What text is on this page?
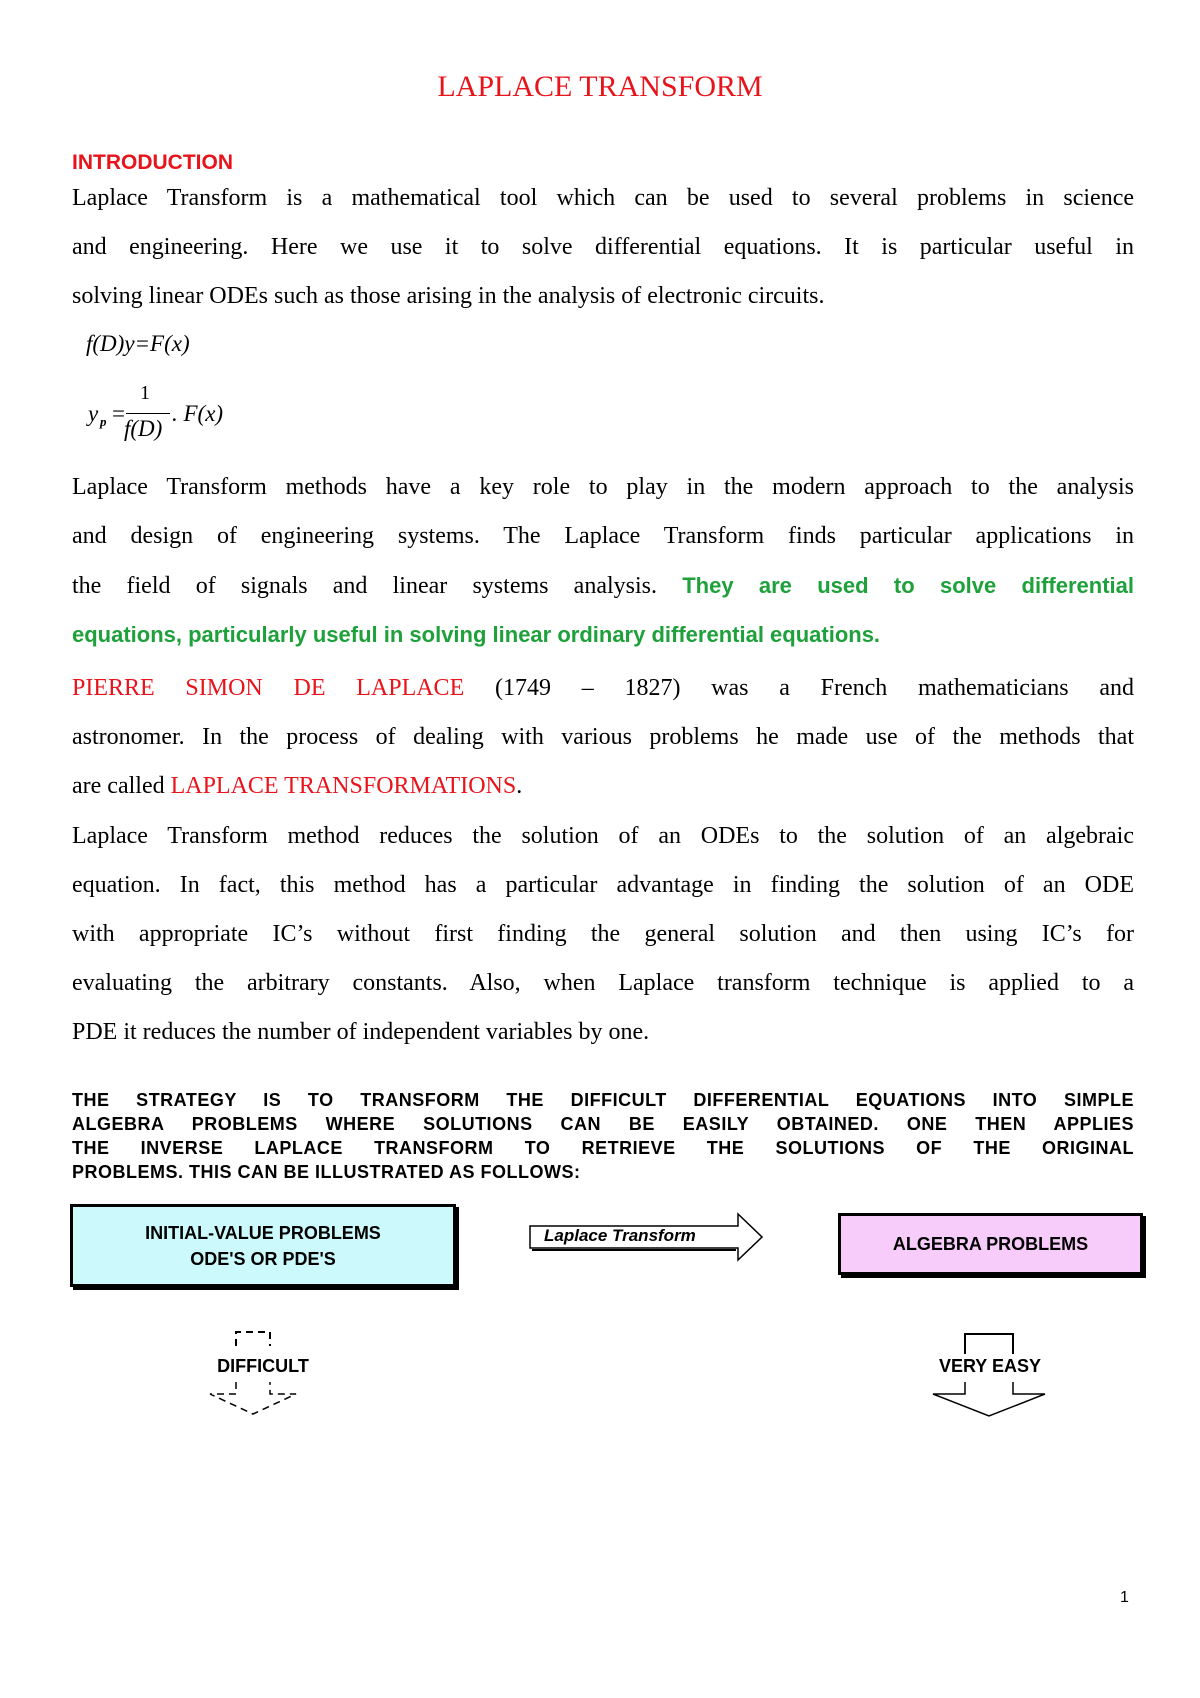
LAPLACE TRANSFORM
INTRODUCTION
Laplace Transform is a mathematical tool which can be used to several problems in science
and engineering. Here we use it to solve differential equations. It is particular useful in
solving linear ODEs such as those arising in the analysis of electronic circuits.
f(D)y=F(x)
y p =
1
f(D)
. F(x)
Laplace Transform methods have a key role to play in the modern approach to the analysis
and design of engineering systems. The Laplace Transform finds particular applications in
the field of signals and linear systems analysis. They are used to solve differential
equations, particularly useful in solving linear ordinary differential equations.
PIERRE SIMON DE LAPLACE (1749 – 1827) was a French mathematicians and
astronomer. In the process of dealing with various problems he made use of the methods that
are called LAPLACE TRANSFORMATIONS.
Laplace Transform method reduces the solution of an ODEs to the solution of an algebraic
equation. In fact, this method has a particular advantage in finding the solution of an ODE
with appropriate IC’s without first finding the general solution and then using IC’s for
evaluating the arbitrary constants. Also, when Laplace transform technique is applied to a
PDE it reduces the number of independent variables by one.
THE STRATEGY IS TO TRANSFORM THE DIFFICULT DIFFERENTIAL EQUATIONS INTO SIMPLE
ALGEBRA PROBLEMS WHERE SOLUTIONS CAN BE EASILY OBTAINED. ONE THEN APPLIES
THE INVERSE LAPLACE TRANSFORM TO RETRIEVE THE SOLUTIONS OF THE ORIGINAL
PROBLEMS. THIS CAN BE ILLUSTRATED AS FOLLOWS:
INITIAL-VALUE PROBLEMS
ODE'S OR PDE'S
Laplace Transform	ALGEBRA PROBLEMS
DIFFICULT	VERY EASY
1
